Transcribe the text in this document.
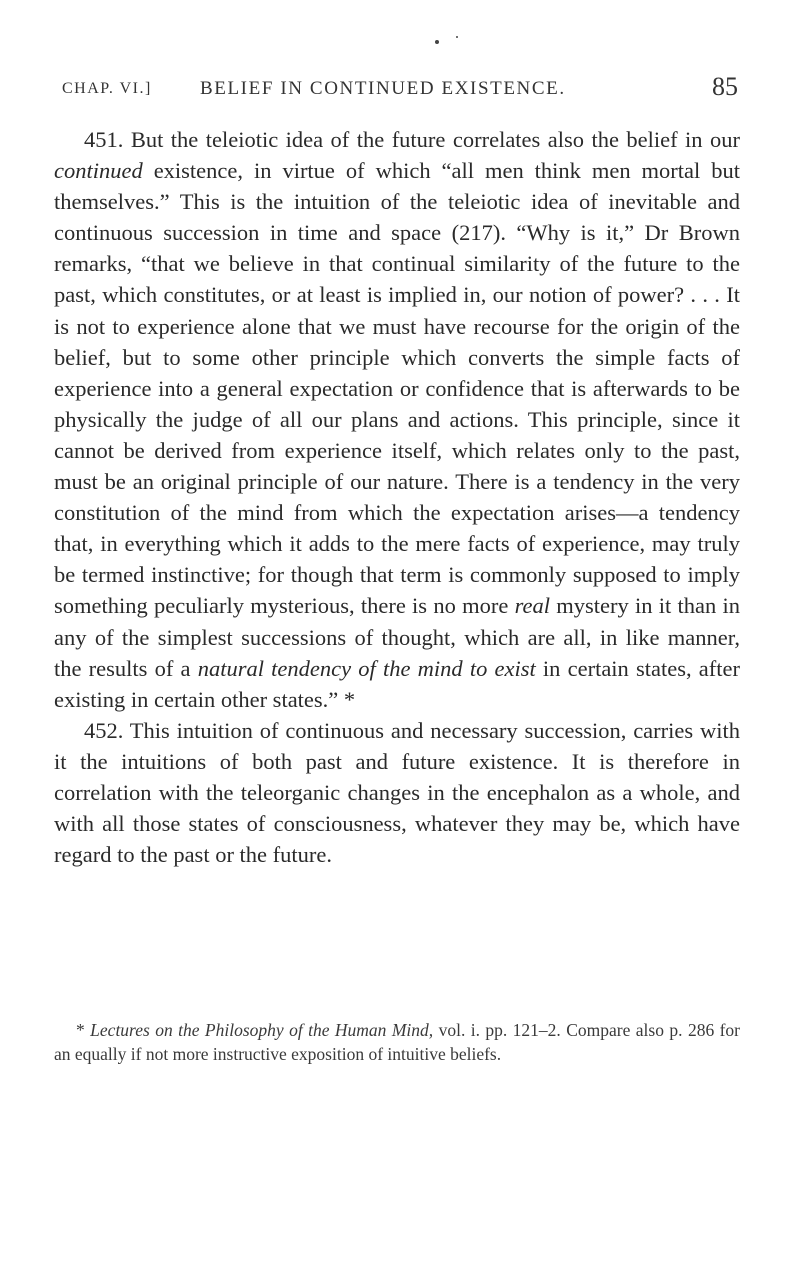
CHAP. VI.]	BELIEF IN CONTINUED EXISTENCE.	85

451. But the teleiotic idea of the future correlates also the belief in our continued existence, in virtue of which “all men think men mortal but themselves.” This is the intuition of the teleiotic idea of inevitable and continuous succession in time and space (217). “Why is it,” Dr Brown remarks, “that we believe in that continual similarity of the future to the past, which constitutes, or at least is implied in, our notion of power? . . . It is not to experience alone that we must have recourse for the origin of the belief, but to some other principle which converts the simple facts of experience into a general expectation or confidence that is afterwards to be physically the judge of all our plans and actions. This principle, since it cannot be derived from experience itself, which relates only to the past, must be an original principle of our nature. There is a tendency in the very constitution of the mind from which the expectation arises—a tendency that, in everything which it adds to the mere facts of experience, may truly be termed instinctive; for though that term is commonly supposed to imply something peculiarly mysterious, there is no more real mystery in it than in any of the simplest successions of thought, which are all, in like manner, the results of a natural tendency of the mind to exist in certain states, after existing in certain other states.” *

452. This intuition of continuous and necessary succession, carries with it the intuitions of both past and future existence. It is therefore in correlation with the teleorganic changes in the encephalon as a whole, and with all those states of consciousness, whatever they may be, which have regard to the past or the future.

* Lectures on the Philosophy of the Human Mind, vol. i. pp. 121–2. Compare also p. 286 for an equally if not more instructive exposition of intuitive beliefs.
